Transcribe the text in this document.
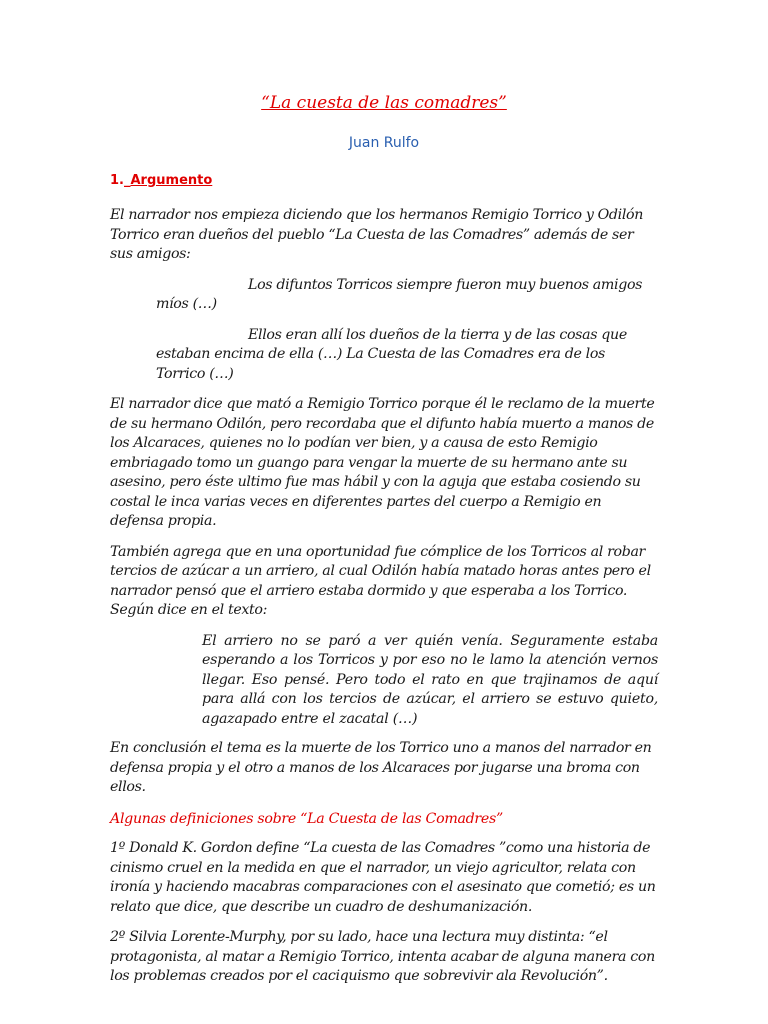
“La cuesta de las comadres”
Juan Rulfo
1._Argumento

El narrador nos empieza diciendo que los hermanos Remigio Torrico y Odilón Torrico eran dueños del pueblo “La Cuesta de las Comadres” además de ser sus amigos:

Los difuntos Torricos siempre fueron muy buenos amigos míos (…)

Ellos eran allí los dueños de la tierra y de las cosas que estaban encima de ella (…) La Cuesta de las Comadres era de los Torrico (…)

El narrador dice que mató a Remigio Torrico porque él le reclamo de la muerte de su hermano Odilón, pero recordaba que el difunto había muerto a manos de los Alcaraces, quienes no lo podían ver bien, y a causa de esto Remigio embriagado tomo un guango para vengar la muerte de su hermano ante su asesino, pero éste ultimo fue mas hábil y con la aguja que estaba cosiendo su costal le inca varias veces en diferentes partes del cuerpo a Remigio en defensa propia.

También agrega que en una oportunidad fue cómplice de los Torricos al robar tercios de azúcar a un arriero, al cual Odilón había matado horas antes pero el narrador pensó que el arriero estaba dormido y que esperaba a los Torrico. Según dice en el texto:

El arriero no se paró a ver quién venía. Seguramente estaba esperando a los Torricos y por eso no le lamo la atención vernos llegar. Eso pensé. Pero todo el rato en que trajinamos de aquí para allá con los tercios de azúcar, el arriero se estuvo quieto, agazapado entre el zacatal (…)

En conclusión el tema es la muerte de los Torrico uno a manos del narrador en defensa propia y el otro a manos de los Alcaraces por jugarse una broma con ellos.

Algunas definiciones sobre “La Cuesta de las Comadres”

1º Donald K. Gordon define “La cuesta de las Comadres ”como una historia de cinismo cruel en la medida en que el narrador, un viejo agricultor, relata con ironía y haciendo macabras comparaciones con el asesinato que cometió; es un relato que dice, que describe un cuadro de deshumanización.

2º Silvia Lorente-Murphy, por su lado, hace una lectura muy distinta: “el protagonista, al matar a Remigio Torrico, intenta acabar de alguna manera con los problemas creados por el caciquismo que sobrevivir ala Revolución”.
